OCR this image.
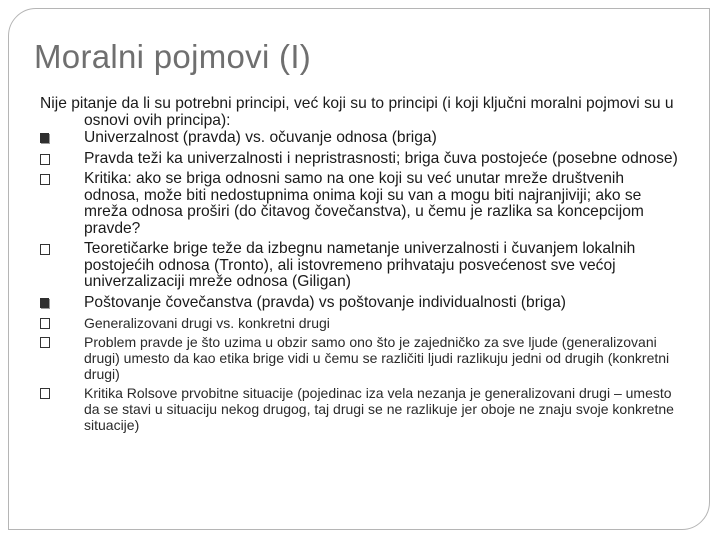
Moralni pojmovi (I)

Nije pitanje da li su potrebni principi, već koji su to principi (i koji ključni moralni pojmovi su u osnovi ovih principa):

Univerzalnost (pravda) vs. očuvanje odnosa (briga)
Pravda teži ka univerzalnosti i nepristrasnosti; briga čuva postojeće (posebne odnose)
Kritika: ako se briga odnosni samo na one koji su već unutar mreže društvenih odnosa, može biti nedostupnima onima koji su van a mogu biti najranjiviji; ako se mreža odnosa proširi (do čitavog čovečanstva), u čemu je razlika sa koncepcijom pravde?
Teoretičarke brige teže da izbegnu nametanje univerzalnosti i čuvanjem lokalnih postojećih odnosa (Tronto), ali istovremeno prihvataju posvećenost sve većoj univerzalizaciji mreže odnosa (Giligan)
Poštovanje čovečanstva (pravda) vs poštovanje individualnosti (briga)
Generalizovani drugi vs. konkretni drugi
Problem pravde je što uzima u obzir samo ono što je zajedničko za sve ljude (generalizovani drugi) umesto da kao etika brige vidi u čemu se različiti ljudi razlikuju jedni od drugih (konkretni drugi)
Kritika Rolsove prvobitne situacije (pojedinac iza vela nezanja je generalizovani drugi – umesto da se stavi u situaciju nekog drugog, taj drugi se ne razlikuje jer oboje ne znaju svoje konkretne situacije)
